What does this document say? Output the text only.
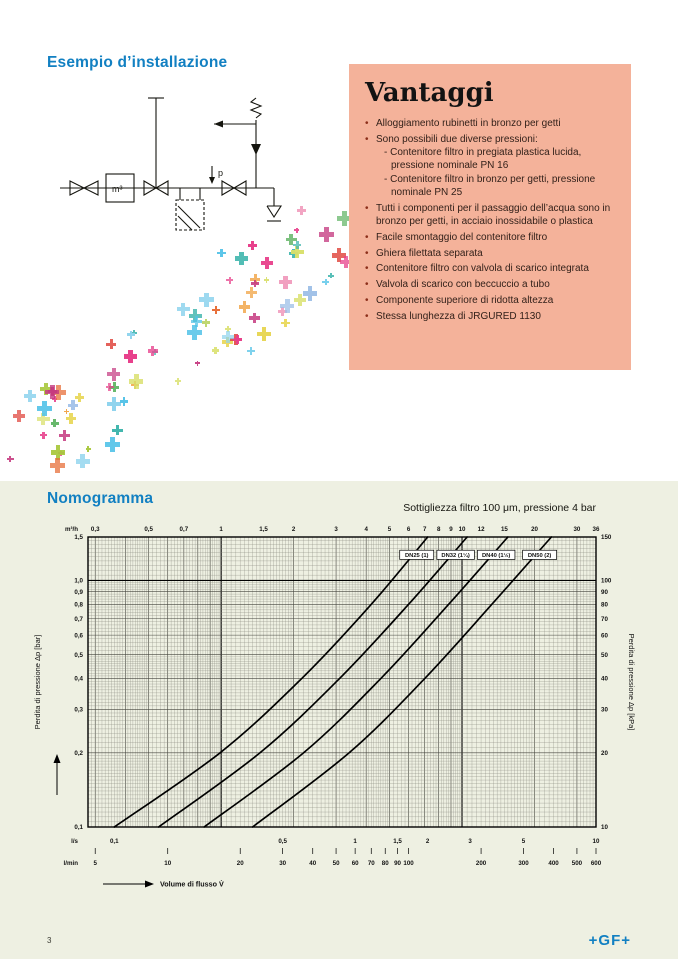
Esempio d’installazione
m³
p
Vantaggi
• Alloggiamento rubinetti in bronzo per getti
• Sono possibili due diverse pressioni:
- Contenitore filtro in pregiata plastica lucida, pressione nominale PN 16
- Contenitore filtro in bronzo per getti, pressione nominale PN 25
• Tutti i componenti per il passaggio dell’acqua sono in bronzo per getti, in acciaio inossidabile o plastica
• Facile smontaggio del contenitore filtro
• Ghiera filettata separata
• Contenitore filtro con valvola di scarico integrata
• Valvola di scarico con beccuccio a tubo
• Componente superiore di ridotta altezza
• Stessa lunghezza di JRGURED 1130
Nomogramma
Sottigliezza filtro 100 μm, pressione 4 bar
0,3	0,5	0,7	1	1,5	2	3	4	5	6 7 8 9 10 12	15	20	30 36
m³/h
1,5
1,0
0,9
0,8
0,7
0,6
0,5
0,4
0,3
0,2
0,1
150
100
90
80
70
60
50
40
30
20
10
0,1	0,5	1	1,5	2	3	5	10
l/s
5	10	20	30	40	50 60 70 80 90 100	200	300	400 500 600
l/min
Perdita di pressione Δp [bar]	Perdita di pressione Δp [kPa]
Volume di flusso V̇
DN25 (1) DN32 (1¼) DN40 (1½)	DN50 (2)
3	+GF+
